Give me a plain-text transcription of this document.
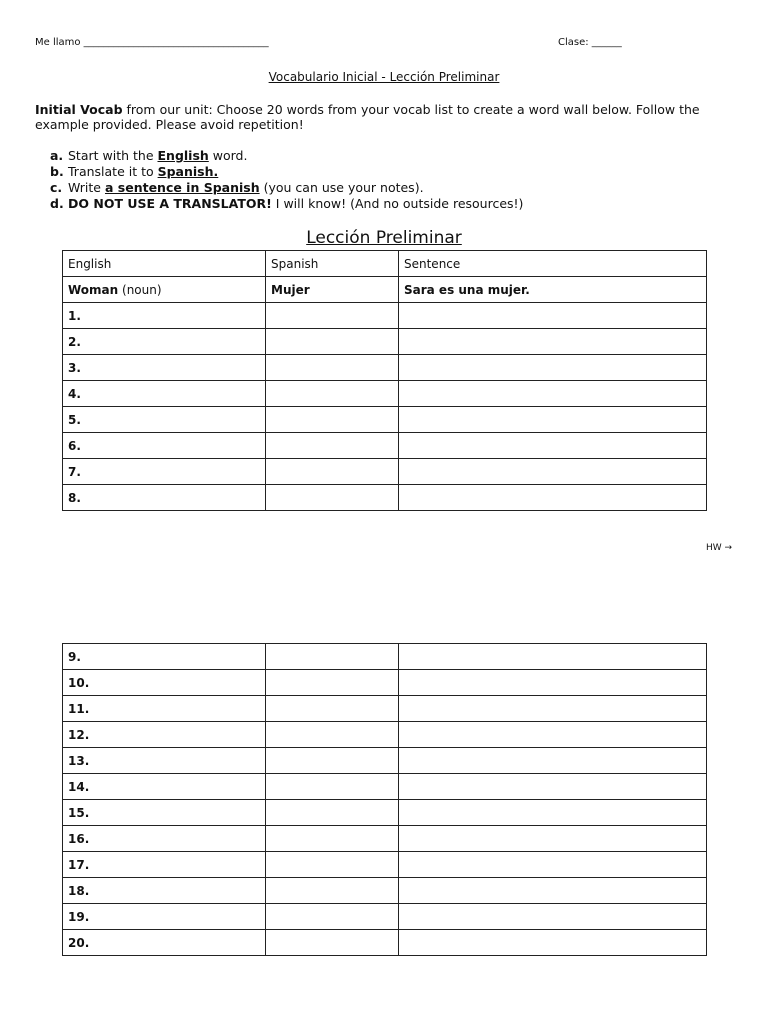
Me llamo _____________________________________	Clase: ______
Vocabulario Inicial - Lección Preliminar
Initial Vocab from our unit: Choose 20 words from your vocab list to create a word wall below. Follow the example provided. Please avoid repetition!
a. Start with the English word.
b. Translate it to Spanish.
c. Write a sentence in Spanish (you can use your notes).
d. DO NOT USE A TRANSLATOR! I will know! (And no outside resources!)
Lección Preliminar
English	Spanish	Sentence
Woman (noun)	Mujer	Sara es una mujer.
1.		
2.		
3.		
4.		
5.		
6.		
7.		
8.		
HW →
9.		
10.		
11.		
12.		
13.		
14.		
15.		
16.		
17.		
18.		
19.		
20.		
